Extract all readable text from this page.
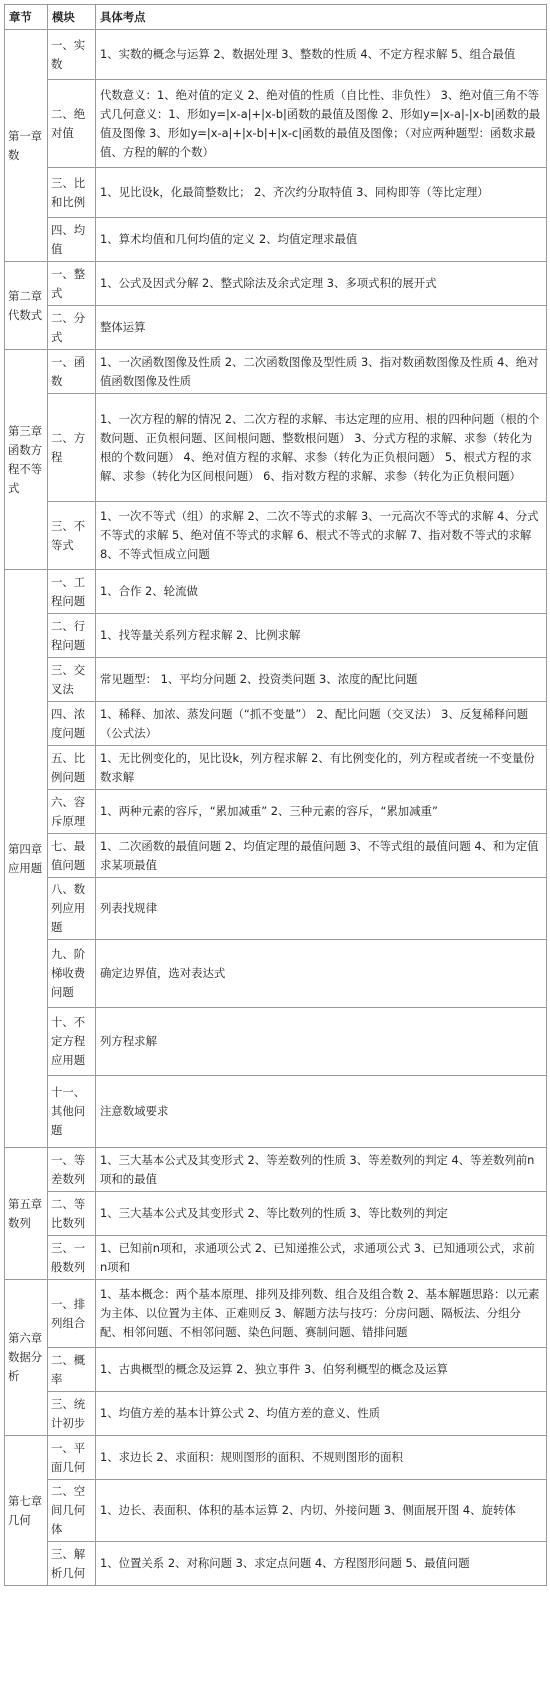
章节	模块	具体考点
第一章数	一、实数	1、实数的概念与运算 2、数据处理 3、整数的性质 4、不定方程求解 5、组合最值
	二、绝对值	代数意义：1、绝对值的定义 2、绝对值的性质（自比性、非负性） 3、绝对值三角不等式几何意义：1、形如y=|x-a|+|x-b|函数的最值及图像 2、形如y=|x-a|-|x-b|函数的最值及图像 3、形如y=|x-a|+|x-b|+|x-c|函数的最值及图像；（对应两种题型：函数求最值、方程的解的个数）
	三、比和比例	1、见比设k，化最简整数比； 2、齐次约分取特值 3、同构即等（等比定理）
	四、均值	1、算术均值和几何均值的定义 2、均值定理求最值
第二章代数式	一、整式	1、公式及因式分解 2、整式除法及余式定理 3、多项式积的展开式
	二、分式	整体运算
第三章函数方程不等式	一、函数	1、一次函数图像及性质 2、二次函数图像及型性质 3、指对数函数图像及性质 4、绝对值函数图像及性质
	二、方程	1、一次方程的解的情况 2、二次方程的求解、韦达定理的应用、根的四种问题（根的个数问题、正负根问题、区间根问题、整数根问题） 3、分式方程的求解、求参（转化为根的个数问题） 4、绝对值方程的求解、求参（转化为正负根问题） 5、根式方程的求解、求参（转化为区间根问题） 6、指对数方程的求解、求参（转化为正负根问题）
	三、不等式	1、一次不等式（组）的求解 2、二次不等式的求解 3、一元高次不等式的求解 4、分式不等式的求解 5、绝对值不等式的求解 6、根式不等式的求解 7、指对数不等式的求解 8、不等式恒成立问题
第四章应用题	一、工程问题	1、合作 2、轮流做
	二、行程问题	1、找等量关系列方程求解 2、比例求解
	三、交叉法	常见题型： 1、平均分问题 2、投资类问题 3、浓度的配比问题
	四、浓度问题	1、稀释、加浓、蒸发问题（“抓不变量”） 2、配比问题（交叉法） 3、反复稀释问题（公式法）
	五、比例问题	1、无比例变化的，见比设k，列方程求解 2、有比例变化的，列方程或者统一不变量份数求解
	六、容斥原理	1、两种元素的容斥，“累加减重” 2、三种元素的容斥，“累加减重”
	七、最值问题	1、二次函数的最值问题 2、均值定理的最值问题 3、不等式组的最值问题 4、和为定值求某项最值
	八、数列应用题	列表找规律
	九、阶梯收费问题	确定边界值，选对表达式
	十、不定方程应用题	列方程求解
	十一、其他问题	注意数域要求
第五章数列	一、等差数列	1、三大基本公式及其变形式 2、等差数列的性质 3、等差数列的判定 4、等差数列前n项和的最值
	二、等比数列	1、三大基本公式及其变形式 2、等比数列的性质 3、等比数列的判定
	三、一般数列	1、已知前n项和，求通项公式 2、已知递推公式，求通项公式 3、已知通项公式，求前n项和
第六章数据分析	一、排列组合	1、基本概念：两个基本原理、排列及排列数、组合及组合数 2、基本解题思路：以元素为主体、以位置为主体、正难则反 3、解题方法与技巧：分房问题、隔板法、分组分配、相邻问题、不相邻问题、染色问题、赛制问题、错排问题
	二、概率	1、古典概型的概念及运算 2、独立事件 3、伯努利概型的概念及运算
	三、统计初步	1、均值方差的基本计算公式 2、均值方差的意义、性质
第七章几何	一、平面几何	1、求边长 2、求面积：规则图形的面积、不规则图形的面积
	二、空间几何体	1、边长、表面积、体积的基本运算 2、内切、外接问题 3、侧面展开图 4、旋转体
	三、解析几何	1、位置关系 2、对称问题 3、求定点问题 4、方程图形问题 5、最值问题
